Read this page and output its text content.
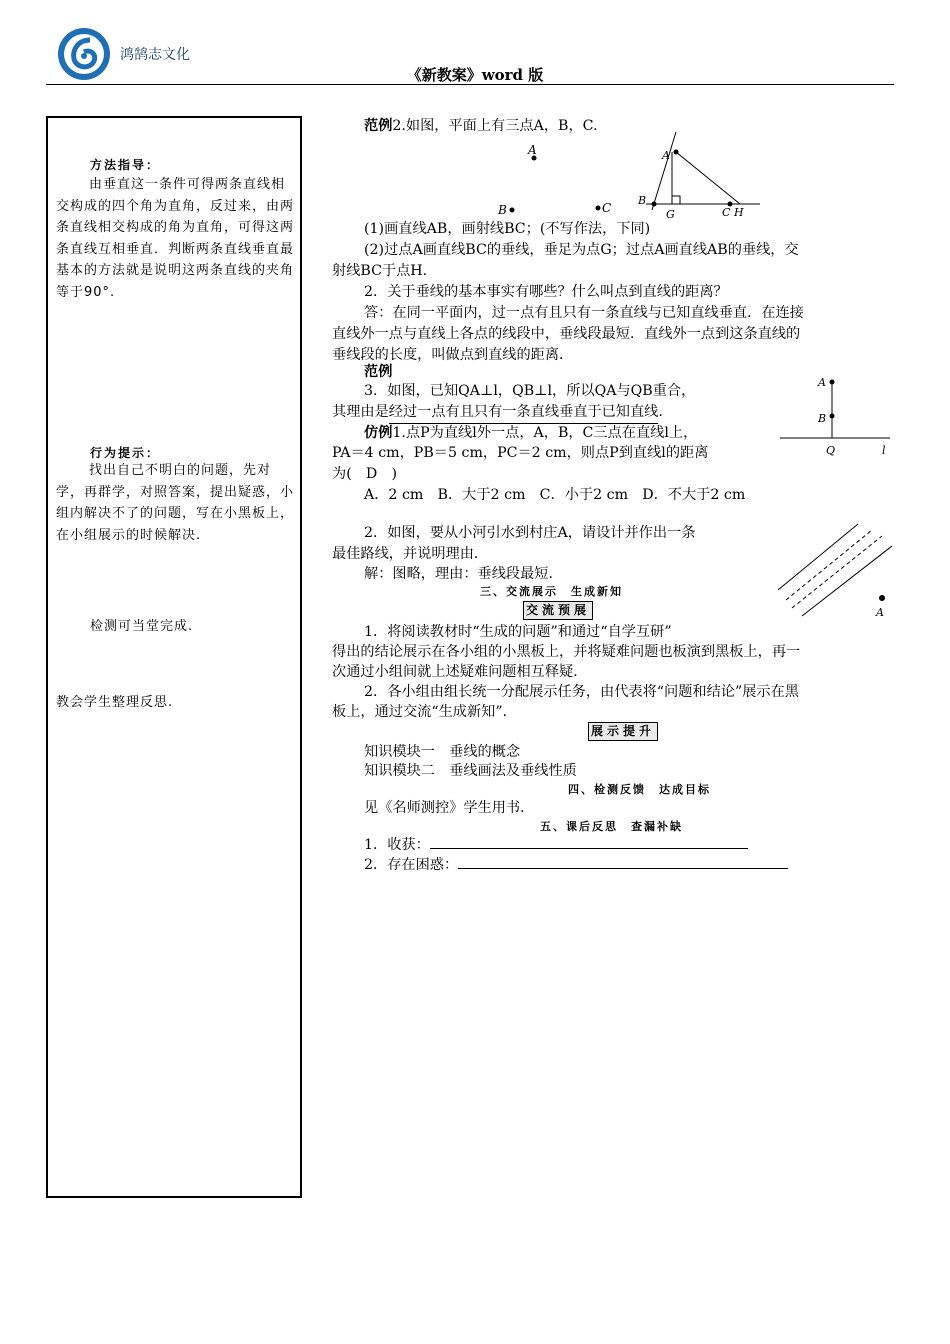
鸿鹄志文化
《新教案》word 版
方法指导：
由垂直这一条件可得两条直线相交构成的四个角为直角，反过来，由两条直线相交构成的角为直角，可得这两条直线互相垂直．判断两条直线垂直最基本的方法就是说明这两条直线的夹角等于90°.
行为提示：
找出自己不明白的问题，先对学，再群学，对照答案，提出疑惑，小组内解决不了的问题，写在小黑板上，在小组展示的时候解决.
检测可当堂完成.
教会学生整理反思.
范例2.如图，平面上有三点A，B，C.
A
B	C
A
B
G	C H
(1)画直线AB，画射线BC；(不写作法，下同)
(2)过点A画直线BC的垂线，垂足为点G；过点A画直线AB的垂线，交
射线BC于点H.
2．关于垂线的基本事实有哪些？什么叫点到直线的距离？
答：在同一平面内，过一点有且只有一条直线与已知直线垂直．在连接
直线外一点与直线上各点的线段中，垂线段最短．直线外一点到这条直线的
垂线段的长度，叫做点到直线的距离．
范例
3．如图，已知QA⊥l，QB⊥l，所以QA与QB重合，
其理由是经过一点有且只有一条直线垂直于已知直线.
A
B
Q	l
仿例1.点P为直线l外一点，A，B，C三点在直线l上，
PA＝4 cm，PB＝5 cm，PC＝2 cm，则点P到直线l的距离
为(　D　)
A．2 cm　B．大于2 cm　C．小于2 cm　D．不大于2 cm
2．如图，要从小河引水到村庄A，请设计并作出一条
最佳路线，并说明理由．
解：图略，理由：垂线段最短．
A
三、交流展示　生成新知
交流预展
1．将阅读教材时“生成的问题”和通过“自学互研”
得出的结论展示在各小组的小黑板上，并将疑难问题也板演到黑板上，再一
次通过小组间就上述疑难问题相互释疑．
2．各小组由组长统一分配展示任务，由代表将“问题和结论”展示在黑
板上，通过交流“生成新知”．
展示提升
知识模块一　垂线的概念
知识模块二　垂线画法及垂线性质
四、检测反馈　达成目标
见《名师测控》学生用书．
五、课后反思　查漏补缺
1．收获：
2．存在困惑：
